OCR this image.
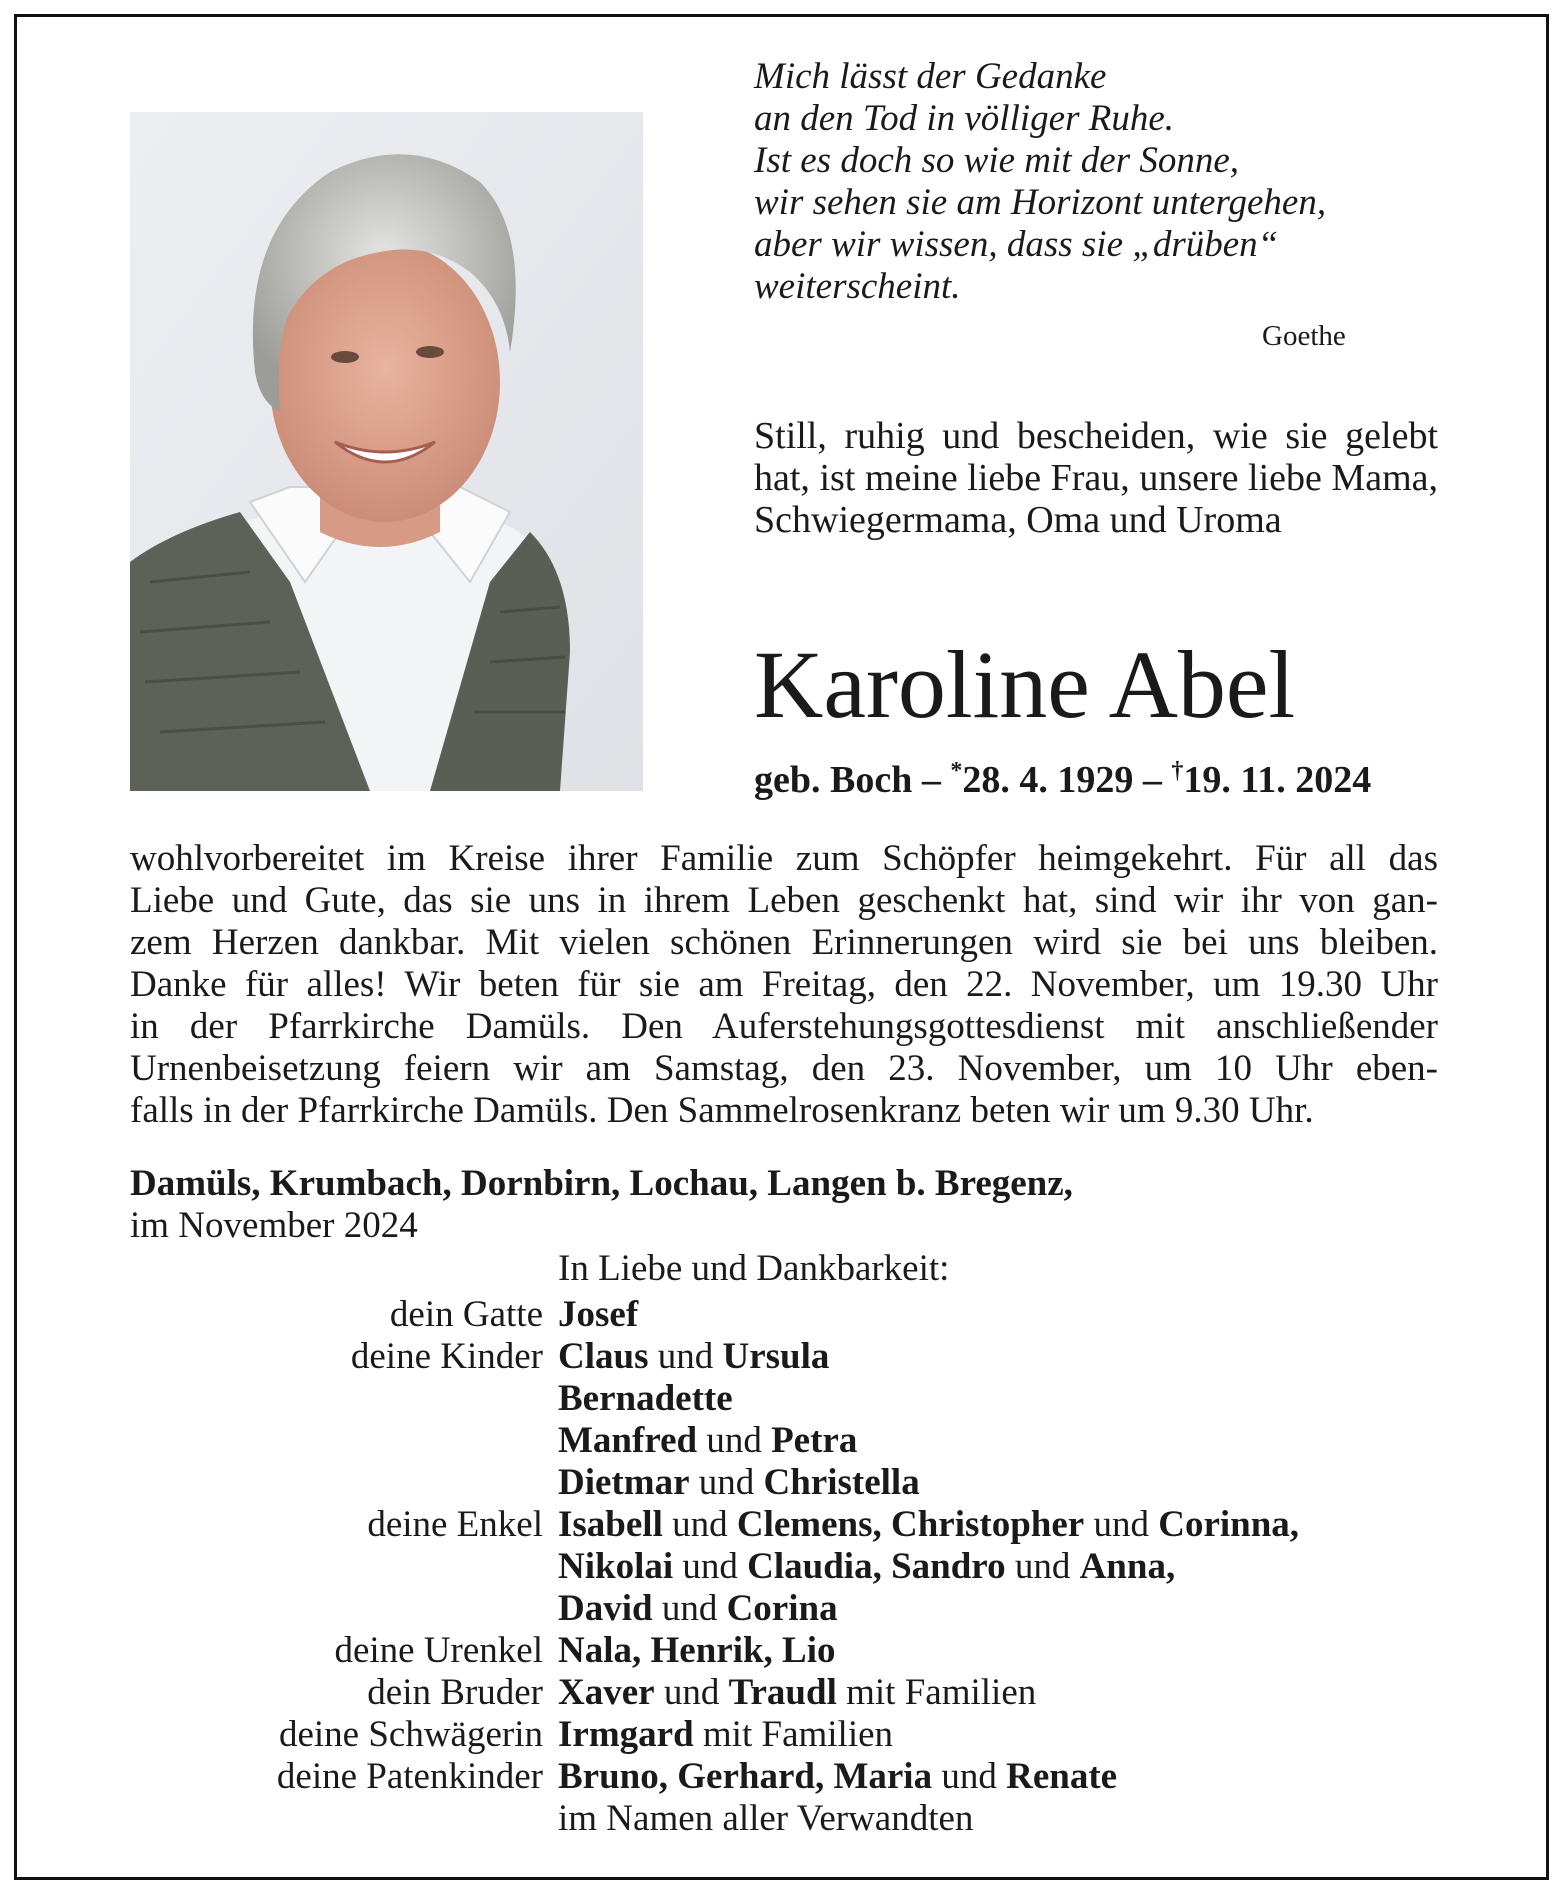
Mich lässt der Gedanke
an den Tod in völliger Ruhe.
Ist es doch so wie mit der Sonne,
wir sehen sie am Horizont untergehen,
aber wir wissen, dass sie „drüben“
weiterscheint.
Goethe
Still, ruhig und bescheiden, wie sie gelebt hat, ist meine liebe Frau, unsere liebe Mama, Schwiegermama, Oma und Uroma
Karoline Abel
geb. Boch – *28. 4. 1929 – †19. 11. 2024
wohlvorbereitet im Kreise ihrer Familie zum Schöpfer heimgekehrt. Für all das
Liebe und Gute, das sie uns in ihrem Leben geschenkt hat, sind wir ihr von gan-
zem Herzen dankbar. Mit vielen schönen Erinnerungen wird sie bei uns bleiben.
Danke für alles! Wir beten für sie am Freitag, den 22. November, um 19.30 Uhr
in der Pfarrkirche Damüls. Den Auferstehungsgottesdienst mit anschließender
Urnenbeisetzung feiern wir am Samstag, den 23. November, um 10 Uhr eben-
falls in der Pfarrkirche Damüls. Den Sammelrosenkranz beten wir um 9.30 Uhr.
Damüls, Krumbach, Dornbirn, Lochau, Langen b. Bregenz,
im November 2024
In Liebe und Dankbarkeit:
dein Gatte Josef
deine Kinder Claus und Ursula
Bernadette
Manfred und Petra
Dietmar und Christella
deine Enkel Isabell und Clemens, Christopher und Corinna,
Nikolai und Claudia, Sandro und Anna,
David und Corina
deine Urenkel Nala, Henrik, Lio
dein Bruder Xaver und Traudl mit Familien
deine Schwägerin Irmgard mit Familien
deine Patenkinder Bruno, Gerhard, Maria und Renate
im Namen aller Verwandten
